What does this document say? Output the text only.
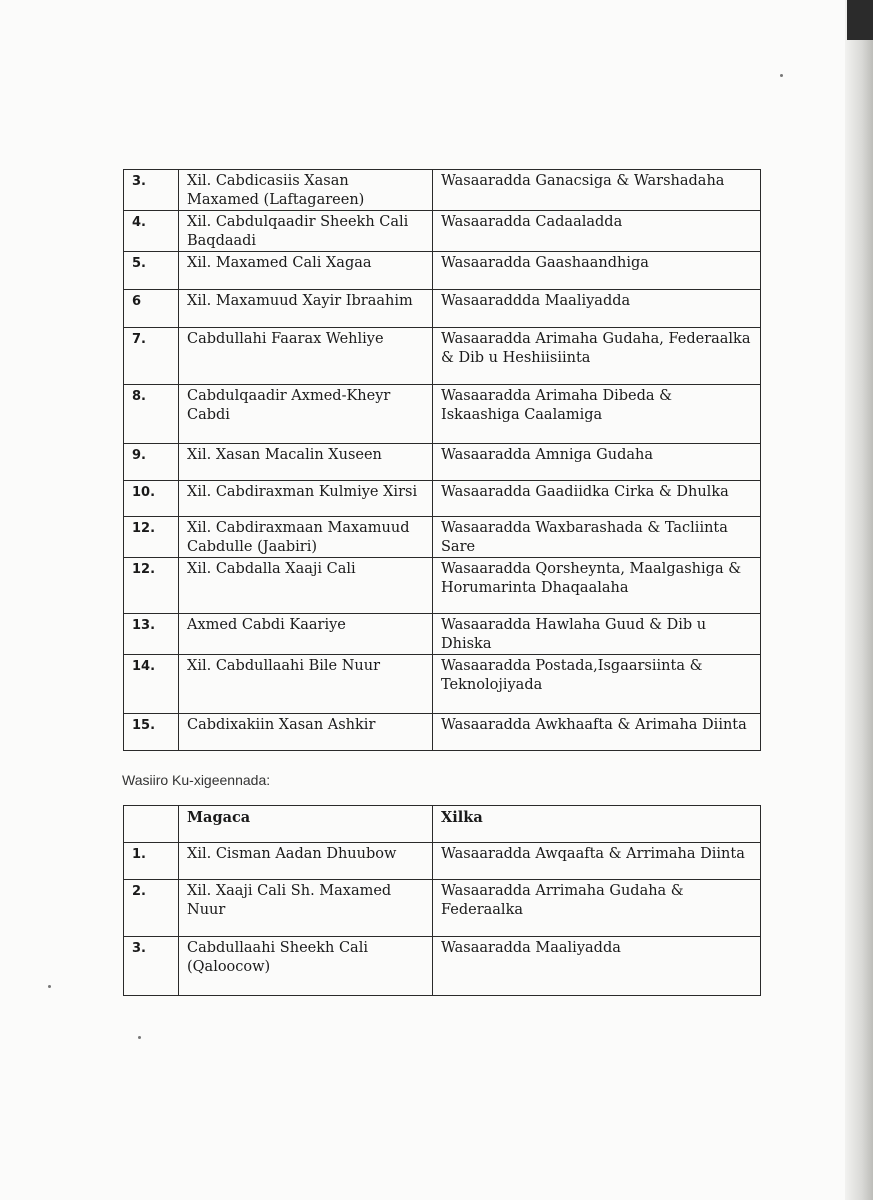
3.	Xil. Cabdicasiis Xasan Maxamed (Laftagareen)	Wasaaradda Ganacsiga & Warshadaha
4.	Xil. Cabdulqaadir Sheekh Cali Baqdaadi	Wasaaradda Cadaaladda
5.	Xil. Maxamed Cali Xagaa	Wasaaradda Gaashaandhiga
6	Xil. Maxamuud Xayir Ibraahim	Wasaaraddda Maaliyadda
7.	Cabdullahi Faarax Wehliye	Wasaaradda Arimaha Gudaha, Federaalka & Dib u Heshiisiinta
8.	Cabdulqaadir Axmed-Kheyr Cabdi	Wasaaradda Arimaha Dibeda & Iskaashiga Caalamiga
9.	Xil. Xasan Macalin Xuseen	Wasaaradda Amniga Gudaha
10.	Xil. Cabdiraxman Kulmiye Xirsi	Wasaaradda Gaadiidka Cirka & Dhulka
12.	Xil. Cabdiraxmaan Maxamuud Cabdulle (Jaabiri)	Wasaaradda Waxbarashada & Tacliinta Sare
12.	Xil. Cabdalla Xaaji Cali	Wasaaradda Qorsheynta, Maalgashiga & Horumarinta Dhaqaalaha
13.	Axmed Cabdi Kaariye	Wasaaradda Hawlaha Guud & Dib u Dhiska
14.	Xil. Cabdullaahi Bile Nuur	Wasaaradda Postada,Isgaarsiinta & Teknolojiyada
15.	Cabdixakiin Xasan Ashkir	Wasaaradda Awkhaafta & Arimaha Diinta
Wasiiro Ku-xigeennada:
	Magaca	Xilka
1.	Xil. Cisman Aadan Dhuubow	Wasaaradda Awqaafta & Arrimaha Diinta
2.	Xil. Xaaji Cali Sh. Maxamed Nuur	Wasaaradda Arrimaha Gudaha & Federaalka
3.	Cabdullaahi Sheekh Cali (Qaloocow)	Wasaaradda Maaliyadda
